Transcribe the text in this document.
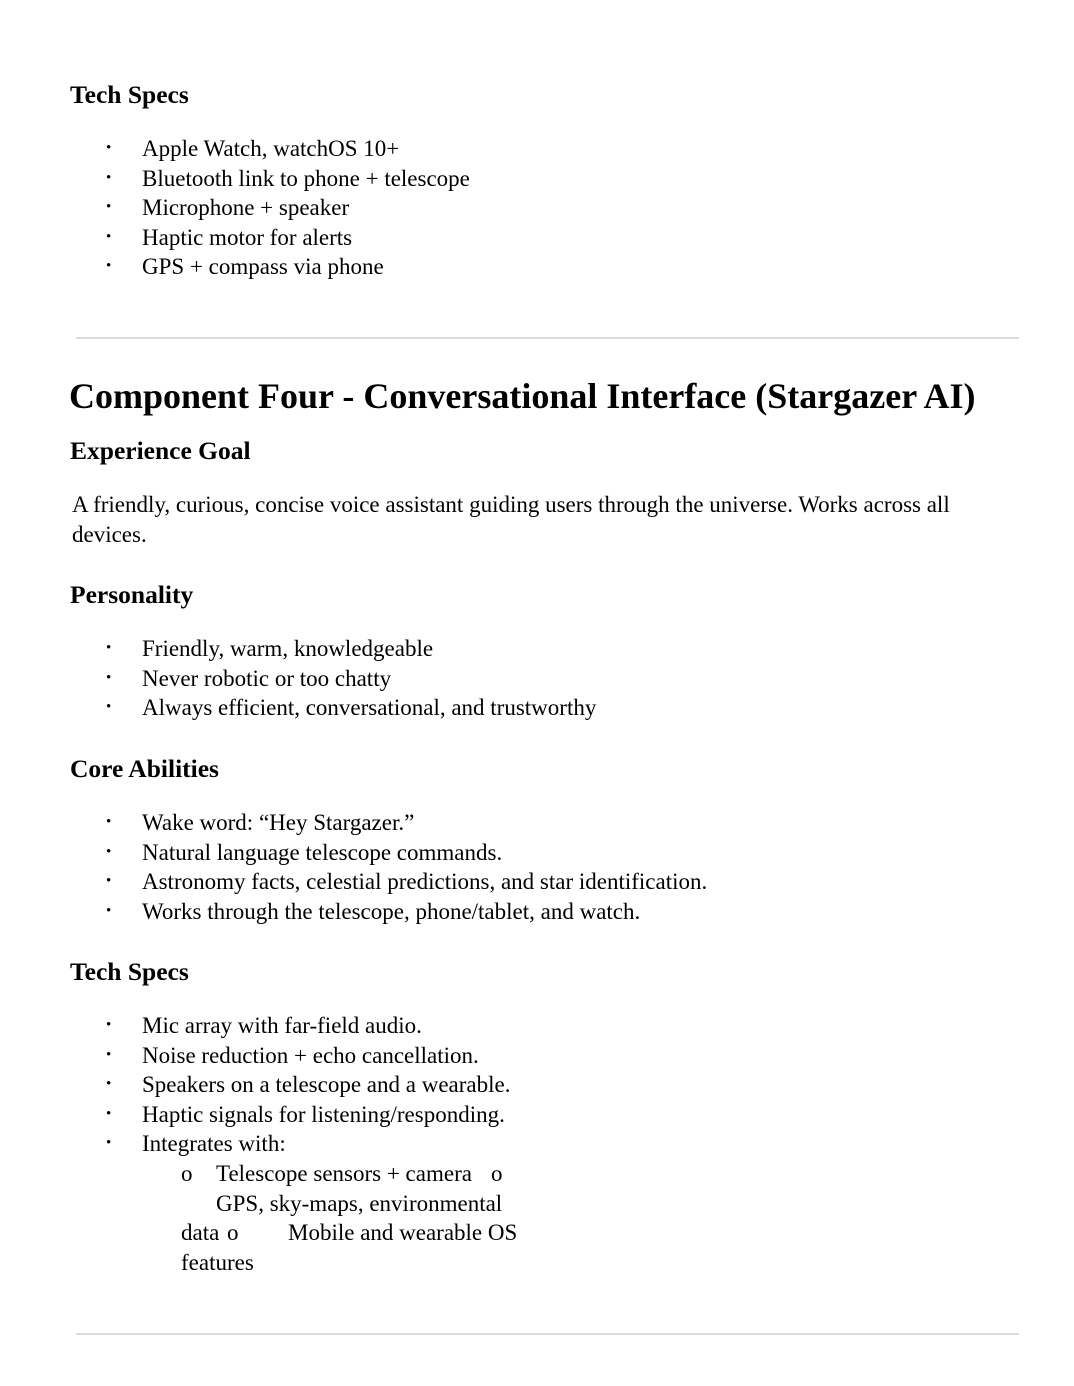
Tech Specs
• Apple Watch, watchOS 10+
• Bluetooth link to phone + telescope
• Microphone + speaker
• Haptic motor for alerts
• GPS + compass via phone
Component Four - Conversational Interface (Stargazer AI)
Experience Goal

A friendly, curious, concise voice assistant guiding users through the universe. Works across all devices.

Personality
• Friendly, warm, knowledgeable
• Never robotic or too chatty
• Always efficient, conversational, and trustworthy
Core Abilities
• Wake word: “Hey Stargazer.”
• Natural language telescope commands.
• Astronomy facts, celestial predictions, and star identification.
• Works through the telescope, phone/tablet, and watch.
Tech Specs
• Mic array with far-field audio.
• Noise reduction + echo cancellation.
• Speakers on a telescope and a wearable.
• Haptic signals for listening/responding.
• Integrates with:
o Telescope sensors + camera o
GPS, sky-maps, environmental
data o Mobile and wearable OS
features
